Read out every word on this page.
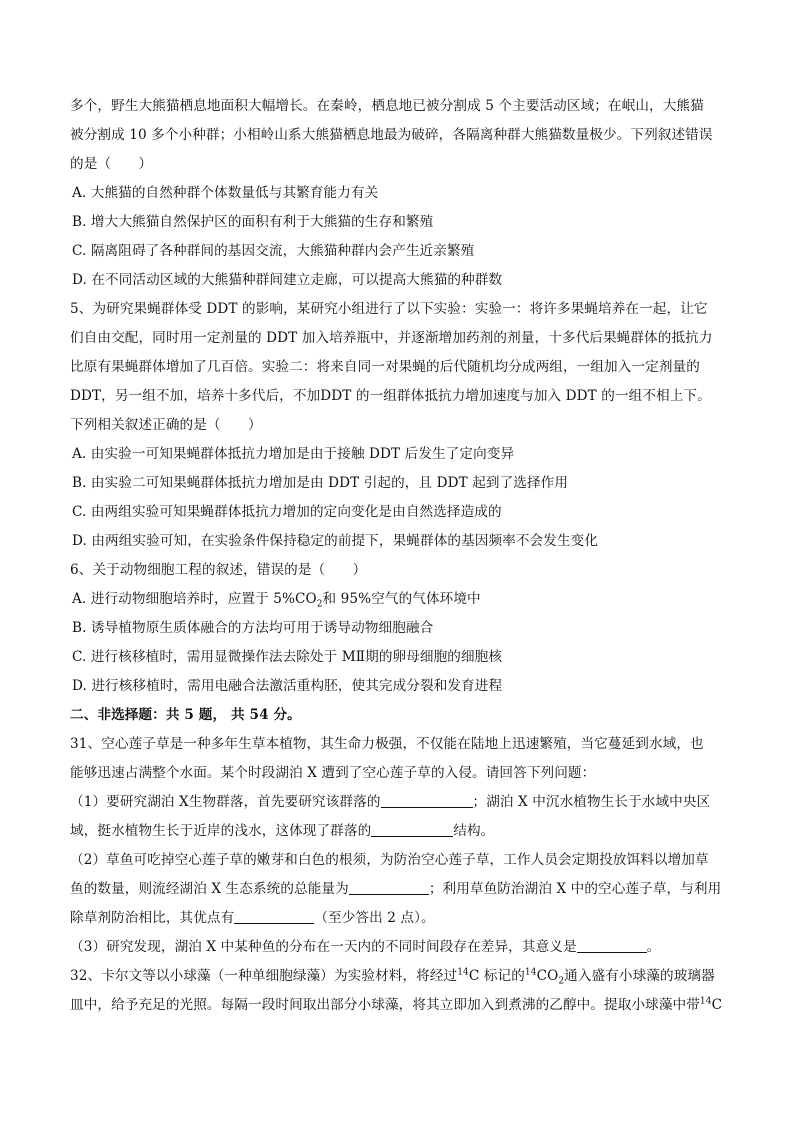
多个，野生大熊猫栖息地面积大幅增长。在秦岭，栖息地已被分割成 5 个主要活动区域；在岷山，大熊猫
被分割成 10 多个小种群；小相岭山系大熊猫栖息地最为破碎，各隔离种群大熊猫数量极少。下列叙述错误
的是（　　）
A. 大熊猫的自然种群个体数量低与其繁育能力有关
B. 增大大熊猫自然保护区的面积有利于大熊猫的生存和繁殖
C. 隔离阻碍了各种群间的基因交流，大熊猫种群内会产生近亲繁殖
D. 在不同活动区域的大熊猫种群间建立走廊，可以提高大熊猫的种群数
5、为研究果蝇群体受 DDT 的影响，某研究小组进行了以下实验：实验一：将许多果蝇培养在一起，让它
们自由交配，同时用一定剂量的 DDT 加入培养瓶中，并逐渐增加药剂的剂量，十多代后果蝇群体的抵抗力
比原有果蝇群体增加了几百倍。实验二：将来自同一对果蝇的后代随机均分成两组，一组加入一定剂量的
DDT，另一组不加，培养十多代后，不加DDT 的一组群体抵抗力增加速度与加入 DDT 的一组不相上下。
下列相关叙述正确的是（　　）
A. 由实验一可知果蝇群体抵抗力增加是由于接触 DDT 后发生了定向变异
B. 由实验二可知果蝇群体抵抗力增加是由 DDT 引起的，且 DDT 起到了选择作用
C. 由两组实验可知果蝇群体抵抗力增加的定向变化是由自然选择造成的
D. 由两组实验可知，在实验条件保持稳定的前提下，果蝇群体的基因频率不会发生变化
6、关于动物细胞工程的叙述，错误的是（　　）
A. 进行动物细胞培养时，应置于 $5\%CO_2$和 95%空气的气体环境中
B. 诱导植物原生质体融合的方法均可用于诱导动物细胞融合
C. 进行核移植时，需用显微操作法去除处于 MⅡ期的卵母细胞的细胞核
D. 进行核移植时，需用电融合法激活重构胚，使其完成分裂和发育进程
二、非选择题：共 5 题， 共 54 分。
31、空心莲子草是一种多年生草本植物，其生命力极强，不仅能在陆地上迅速繁殖，当它蔓延到水域，也
能够迅速占满整个水面。某个时段湖泊 X 遭到了空心莲子草的入侵。请回答下列问题：
（1）要研究湖泊 X生物群落，首先要研究该群落的	；湖泊 X 中沉水植物生长于水域中央区
域，挺水植物生长于近岸的浅水，这体现了群落的	结构。
（2）草鱼可吃掉空心莲子草的嫩芽和白色的根须，为防治空心莲子草，工作人员会定期投放饵料以增加草
鱼的数量，则流经湖泊 X 生态系统的总能量为	；利用草鱼防治湖泊 X 中的空心莲子草，与利用
除草剂防治相比，其优点有	（至少答出 2 点）。
（3）研究发现，湖泊 X 中某种鱼的分布在一天内的不同时间段存在差异，其意义是	。
32、卡尔文等以小球藻（一种单细胞绿藻）为实验材料，将经过$^{14}$C 标记的$^{14}CO_2$通入盛有小球藻的玻璃器
皿中，给予充足的光照。每隔一段时间取出部分小球藻，将其立即加入到煮沸的乙醇中。提取小球藻中带$^{14}$C
